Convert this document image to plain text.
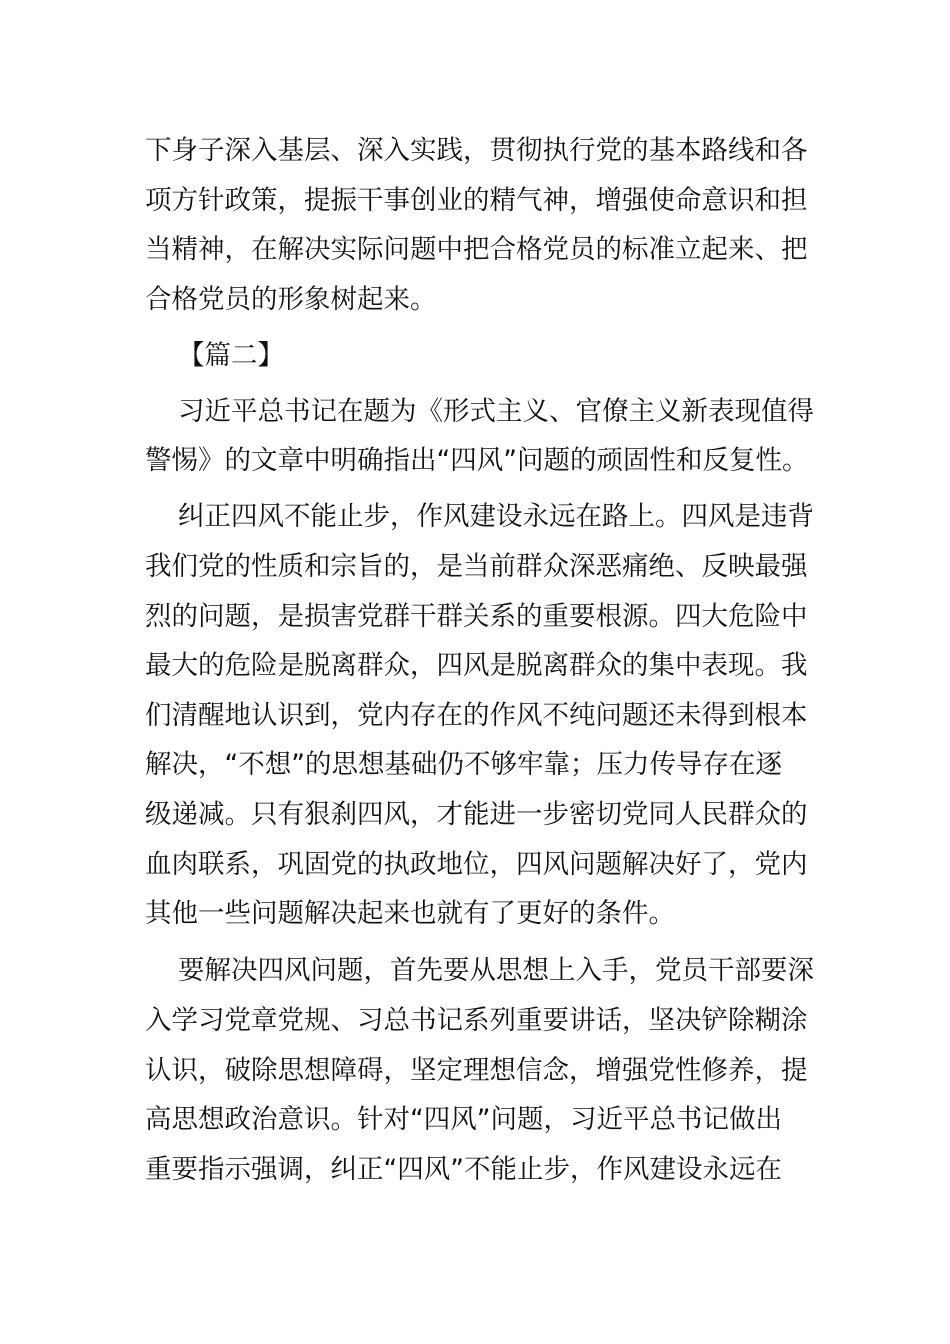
下身子深入基层、深入实践，贯彻执行党的基本路线和各
项方针政策，提振干事创业的精气神，增强使命意识和担
当精神，在解决实际问题中把合格党员的标准立起来、把
合格党员的形象树起来。
【篇二】
习近平总书记在题为《形式主义、官僚主义新表现值得
警惕》的文章中明确指出“四风”问题的顽固性和反复性。
纠正四风不能止步，作风建设永远在路上。四风是违背
我们党的性质和宗旨的，是当前群众深恶痛绝、反映最强
烈的问题，是损害党群干群关系的重要根源。四大危险中
最大的危险是脱离群众，四风是脱离群众的集中表现。我
们清醒地认识到，党内存在的作风不纯问题还未得到根本
解决，“不想”的思想基础仍不够牢靠；压力传导存在逐
级递减。只有狠刹四风，才能进一步密切党同人民群众的
血肉联系，巩固党的执政地位，四风问题解决好了，党内
其他一些问题解决起来也就有了更好的条件。
要解决四风问题，首先要从思想上入手，党员干部要深
入学习党章党规、习总书记系列重要讲话，坚决铲除糊涂
认识，破除思想障碍，坚定理想信念，增强党性修养，提
高思想政治意识。针对“四风”问题，习近平总书记做出
重要指示强调，纠正“四风”不能止步，作风建设永远在
